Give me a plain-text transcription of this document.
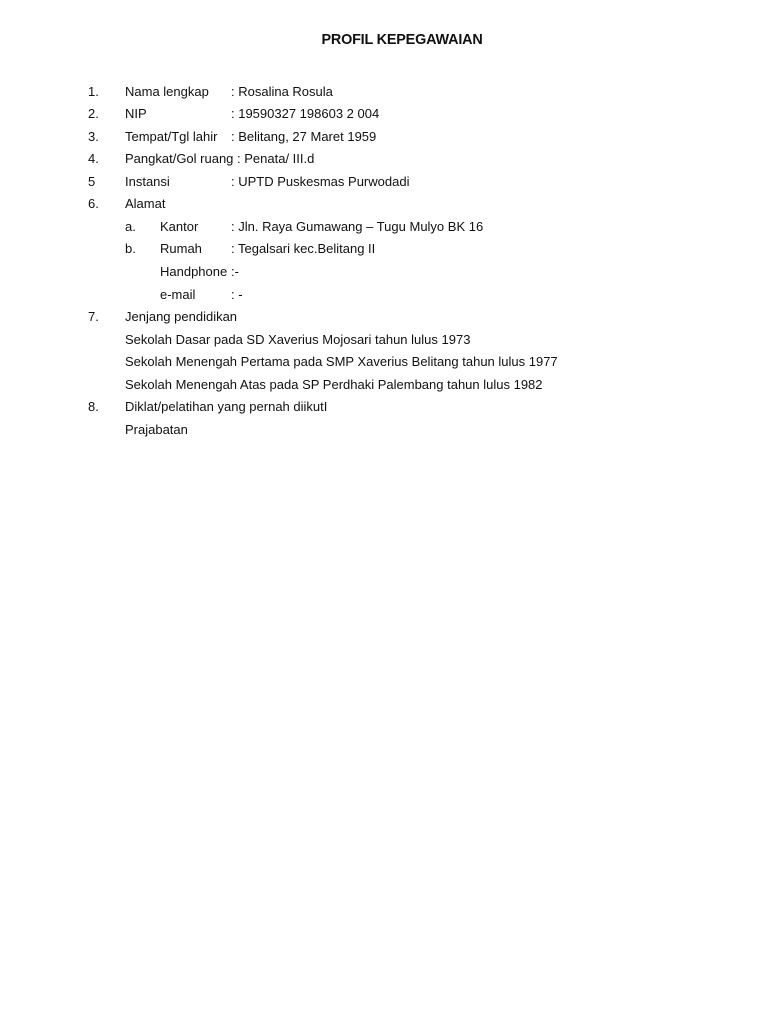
PROFIL KEPEGAWAIAN
1. Nama lengkap : Rosalina Rosula
2. NIP	: 19590327 198603 2 004
3. Tempat/Tgl lahir : Belitang, 27 Maret 1959
4. Pangkat/Gol ruang : Penata/ III.d
5 Instansi	: UPTD Puskesmas Purwodadi
6. Alamat
a. Kantor	: Jln. Raya Gumawang – Tugu Mulyo BK 16
b. Rumah : Tegalsari kec.Belitang II
Handphone :-
e-mail	: -
7. Jenjang pendidikan
Sekolah Dasar pada SD Xaverius Mojosari tahun lulus 1973
Sekolah Menengah Pertama pada SMP Xaverius Belitang tahun lulus 1977
Sekolah Menengah Atas pada SP Perdhaki Palembang tahun lulus 1982
8. Diklat/pelatihan yang pernah diikutI
Prajabatan
